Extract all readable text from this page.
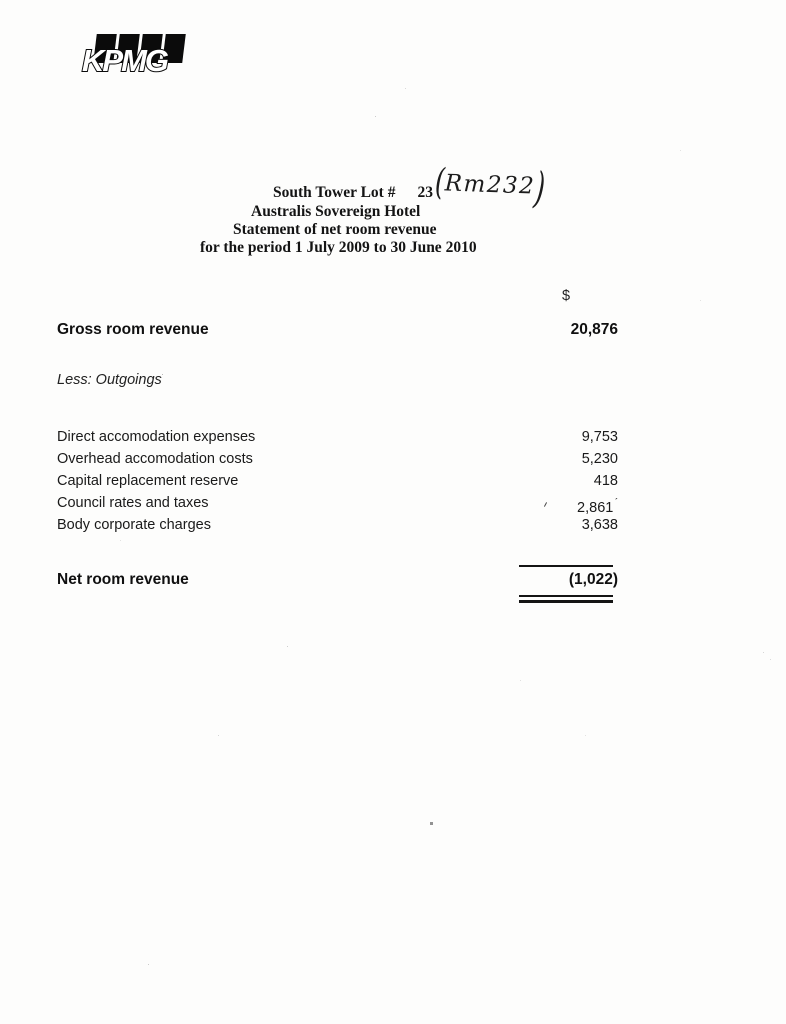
KPMG
South Tower Lot # 23 (Rm232)
Australis Sovereign Hotel
Statement of net room revenue
for the period 1 July 2009 to 30 June 2010
$
Gross room revenue	20,876
Less: Outgoings
Direct accomodation expenses	9,753
Overhead accomodation costs	5,230
Capital replacement reserve	418
Council rates and taxes	$2,861^ˊ$
Body corporate charges	3,638
Net room revenue	(1,022)
